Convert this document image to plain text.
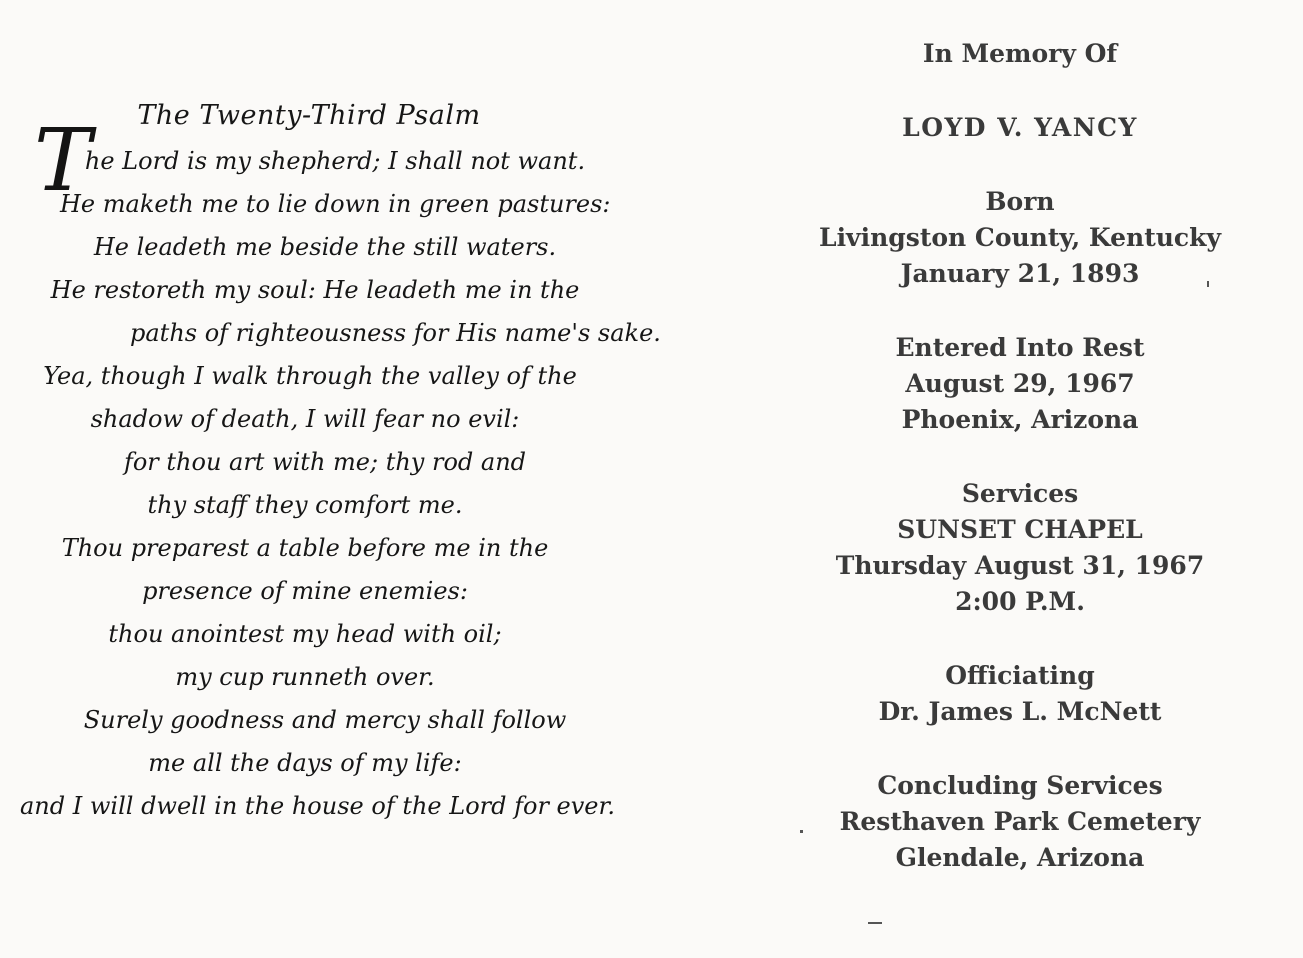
T	The Twenty-Third Psalm
he Lord is my shepherd; I shall not want.
He maketh me to lie down in green pastures:
He leadeth me beside the still waters.
He restoreth my soul: He leadeth me in the
paths of righteousness for His name's sake.
Yea, though I walk through the valley of the
shadow of death, I will fear no evil:
for thou art with me; thy rod and
thy staff they comfort me.
Thou preparest a table before me in the
presence of mine enemies:
thou anointest my head with oil;
my cup runneth over.
Surely goodness and mercy shall follow
me all the days of my life:
and I will dwell in the house of the Lord for ever.
In Memory Of
LOYD V. YANCY
Born
Livingston County, Kentucky
January 21, 1893
Entered Into Rest
August 29, 1967
Phoenix, Arizona
Services
SUNSET CHAPEL
Thursday August 31, 1967
2:00 P.M.
Officiating
Dr. James L. McNett
Concluding Services
Resthaven Park Cemetery
Glendale, Arizona
